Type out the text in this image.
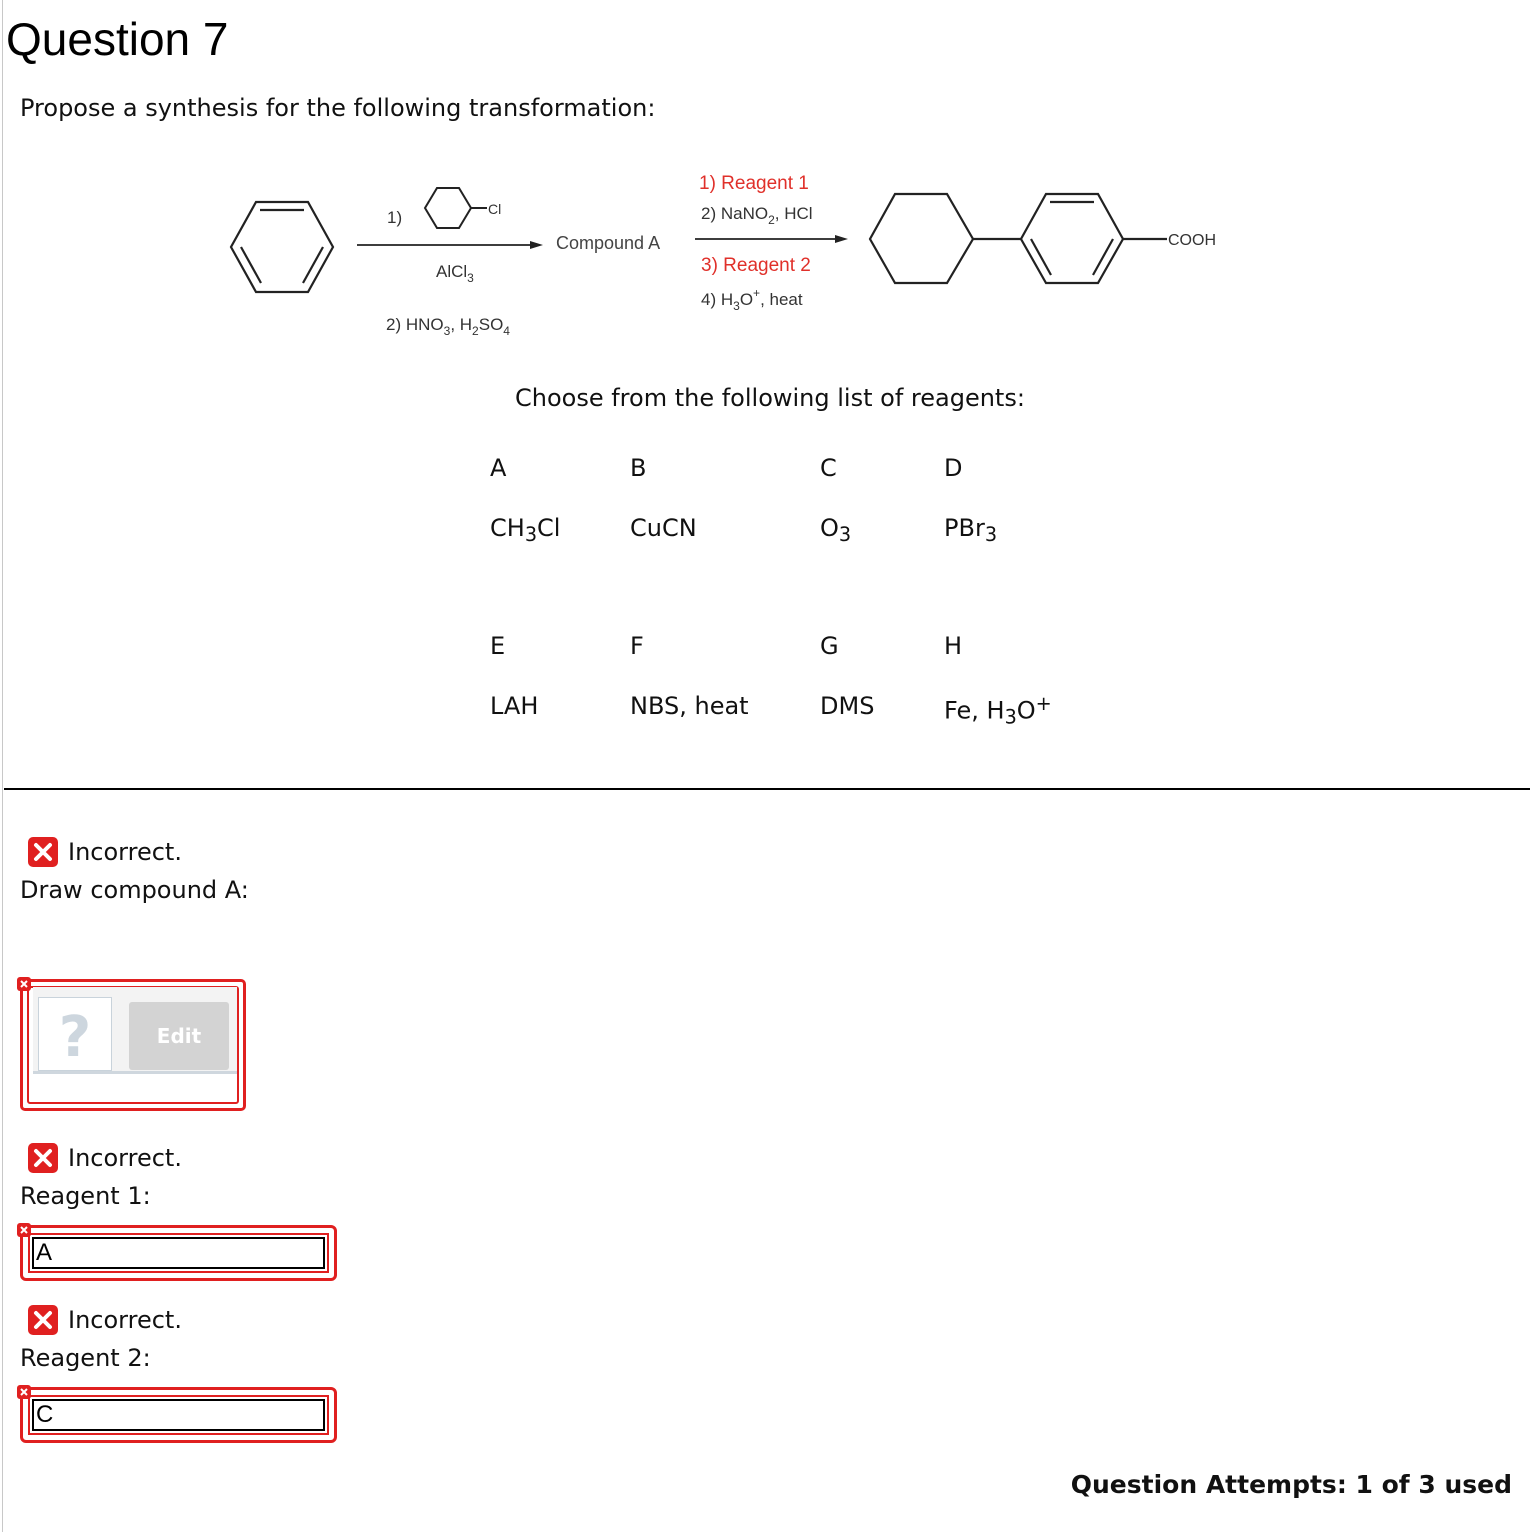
Question 7
Propose a synthesis for the following transformation:
1)	Cl
AlCl$_3$
2) $HNO_3$, $H_2SO_4$
Compound A
1) Reagent 1
2) NaNO$_2$, HCl
3) Reagent 2
4) $H_3O^+$, heat
COOH
Choose from the following list of reagents:
A	B	C	D
$CH_3Cl$	CuCN	$O_3$	PBr$_3$
E	F	G	H
LAH	NBS, heat	DMS	Fe, $H_3O^+$
Incorrect.
Draw compound A:
?	Edit
Incorrect.
Reagent 1:
A
Incorrect.
Reagent 2:
C
Question Attempts: 1 of 3 used
